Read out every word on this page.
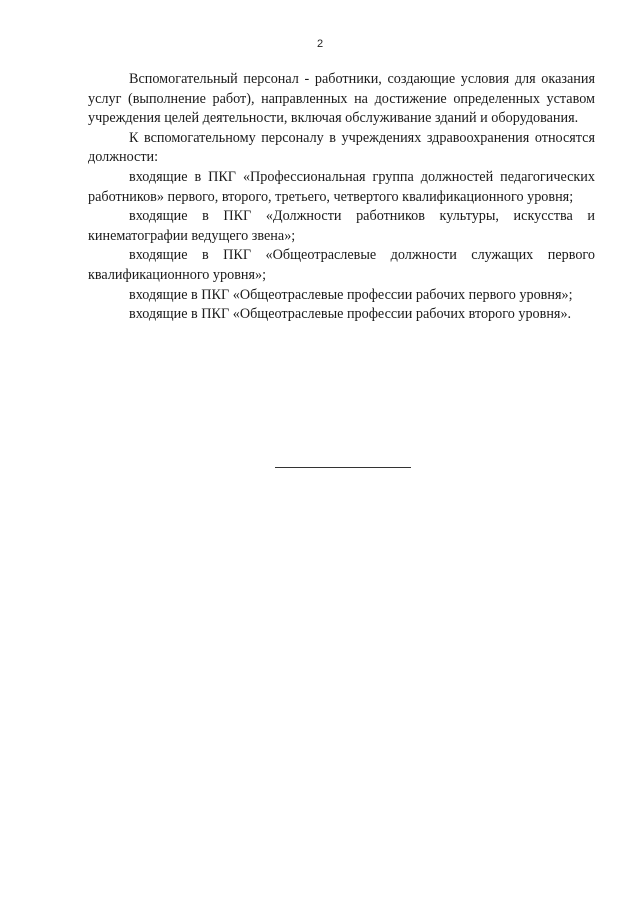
2

Вспомогательный персонал - работники, создающие условия для оказания услуг (выполнение работ), направленных на достижение определенных уставом учреждения целей деятельности, включая обслуживание зданий и оборудования.

К вспомогательному персоналу в учреждениях здравоохранения относятся должности:

входящие в ПКГ «Профессиональная группа должностей педагогических работников» первого, второго, третьего, четвертого квалификационного уровня;

входящие в ПКГ «Должности работников культуры, искусства и кинематографии ведущего звена»;

входящие в ПКГ «Общеотраслевые должности служащих первого квалификационного уровня»;

входящие в ПКГ «Общеотраслевые профессии рабочих первого уровня»;

входящие в ПКГ «Общеотраслевые профессии рабочих второго уровня».
